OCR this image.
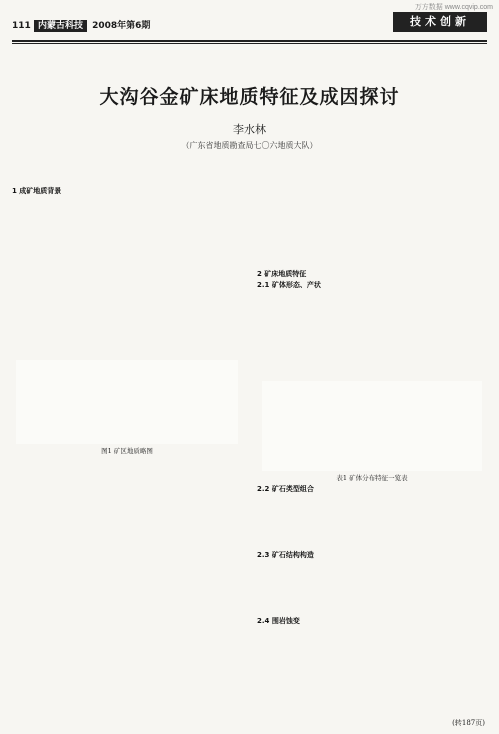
万方数据 www.cqvip.com
111 内蒙古科技 2008年第6期	技术创新
大沟谷金矿床地质特征及成因探讨
李水林
（广东省地质勘查局七〇六地质大队）
1 成矿地质背景
图1 矿区地质略图
2 矿床地质特征
2.1 矿体形态、产状
表1 矿体分布特征一览表
2.2 矿石类型组合
2.3 矿石结构构造
2.4 围岩蚀变
(转187页)
